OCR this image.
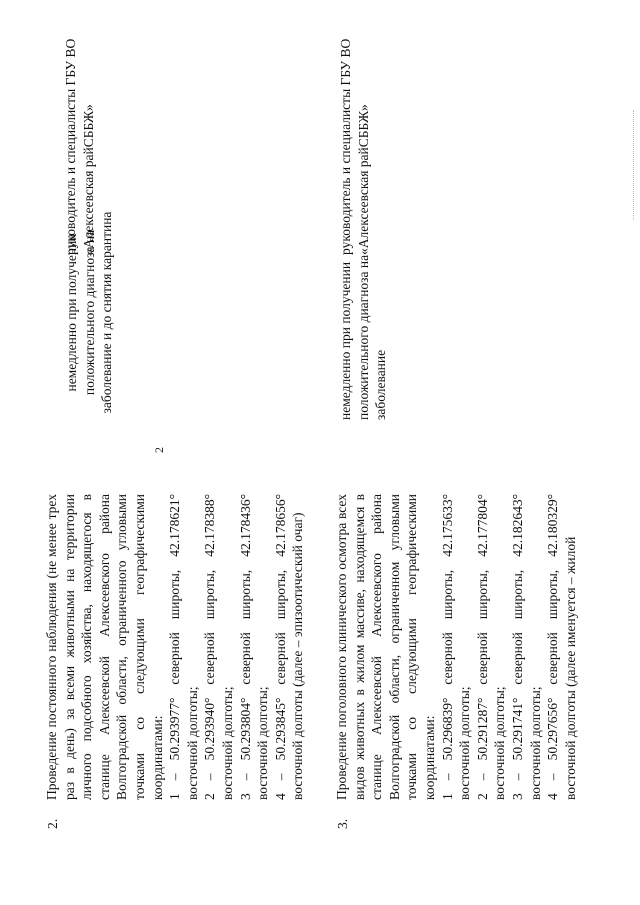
2
2.
Проведение постоянного наблюдения (не менее трех раз в день) за всеми животными на территории личного подсобного хозяйства, находящегося в станице Алексеевской Алексеевского района Волгоградской области, ограниченного угловыми точками со следующими географическими координатами: 1 – 50.293977° северной широты, 42.178621° восточной долготы; 2 – 50.293940° северной широты, 42.178388° восточной долготы; 3 – 50.293804° северной широты, 42.178436° восточной долготы; 4 – 50.293845° северной широты, 42.178656° восточной долготы (далее – эпизоотический очаг)
немедленно при получении положительного диагноза на заболевание и до снятия карантина
руководитель и специалисты ГБУ ВО «Алексеевская райСББЖ»
3.
Проведение поголовного клинического осмотра всех видов животных в жилом массиве, находящемся в станице Алексеевской Алексеевского района Волгоградской области, ограниченном угловыми точками со следующими географическими координатами: 1 – 50.296839° северной широты, 42.175633° восточной долготы; 2 – 50.291287° северной широты, 42.177804° восточной долготы; 3 – 50.291741° северной широты, 42.182643° восточной долготы; 4 – 50.297656° северной широты, 42.180329° восточной долготы (далее именуется – жилой
немедленно при получении положительного диагноза на заболевание
руководитель и специалисты ГБУ ВО «Алексеевская райСББЖ»
